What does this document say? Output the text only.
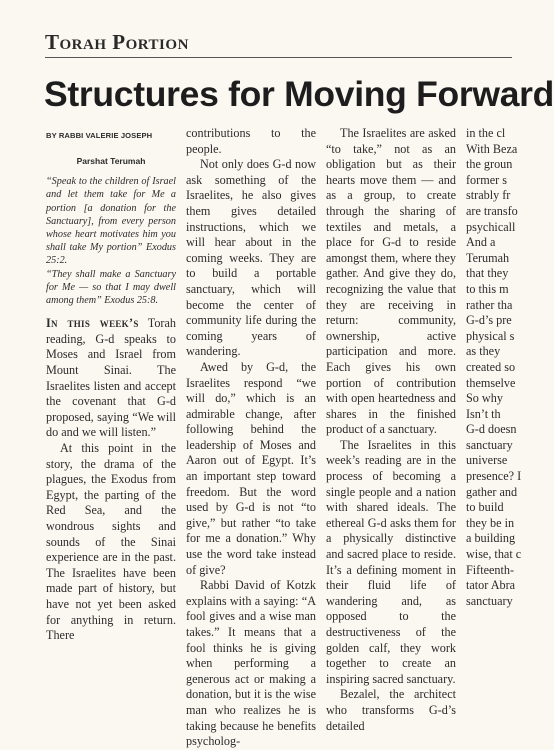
Torah Portion
Structures for Moving Forward

BY RABBI VALERIE JOSEPH

Parshat Terumah

“Speak to the children of Israel and let them take for Me a portion [a donation for the Sanctuary], from every person whose heart motivates him you shall take My portion” Exodus 25:2.

“They shall make a Sanctuary for Me — so that I may dwell among them” Exodus 25:8.

In this week’s Torah reading, G-d speaks to Moses and Israel from Mount Sinai. The Israelites listen and accept the covenant that G-d proposed, saying “We will do and we will listen.”

At this point in the story, the drama of the plagues, the Exodus from Egypt, the parting of the Red Sea, and the wondrous sights and sounds of the Sinai experience are in the past. The Israelites have been made part of history, but have not yet been asked for anything in return. There

contributions to the people.

Not only does G-d now ask something of the Israelites, he also gives them gives detailed instructions, which we will hear about in the coming weeks. They are to build a portable sanctuary, which will become the center of community life during the coming years of wandering.

Awed by G-d, the Israelites respond “we will do,” which is an admirable change, after following behind the leadership of Moses and Aaron out of Egypt. It’s an important step toward freedom. But the word used by G-d is not “to give,” but rather “to take for me a donation.” Why use the word take instead of give?

Rabbi David of Kotzk explains with a saying: “A fool gives and a wise man takes.” It means that a fool thinks he is giving when performing a generous act or making a donation, but it is the wise man who realizes he is taking because he benefits psycholog-

The Israelites are asked “to take,” not as an obligation but as their hearts move them — and as a group, to create through the sharing of textiles and metals, a place for G-d to reside amongst them, where they gather. And give they do, recognizing the value that they are receiving in return: community, ownership, active participation and more. Each gives his own portion of contribution with open heartedness and shares in the finished product of a sanctuary.

The Israelites in this week’s reading are in the process of becoming a single people and a nation with shared ideals. The ethereal G-d asks them for a physically distinctive and sacred place to reside. It’s a defining moment in their fluid life of wandering and, as opposed to the destructiveness of the golden calf, they work together to create an inspiring sacred sanctuary.

Bezalel, the architect who transforms G-d’s detailed

in the cl

With Beza

the groun

former s

strably fr

are transfo

psychicall

And a

Terumah

that they

to this m

rather tha

G-d’s pre

physical s

as they

created so

themselve

So why

Isn’t th

G-d doesn

sanctuary

universe

presence? I

gather and

to build

they be in

a building

wise, that c

Fifteenth-

tator Abra

sanctuary
